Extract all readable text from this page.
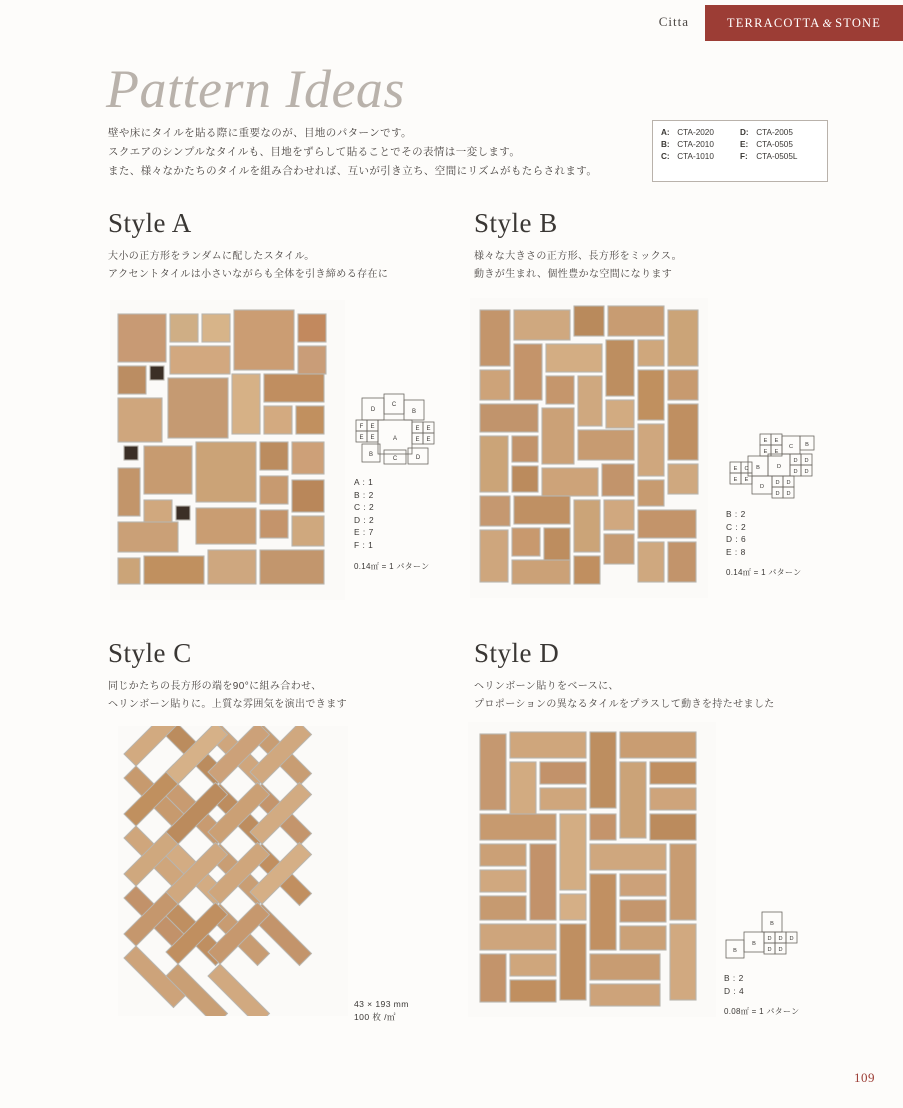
Citta	TERRACOTTA & STONE
Pattern Ideas
壁や床にタイルを貼る際に重要なのが、目地のパターンです。
スクエアのシンプルなタイルも、目地をずらして貼ることでその表情は一変します。
また、様々なかたちのタイルを組み合わせれば、互いが引き立ち、空間にリズムがもたらされます。
A:	CTA-2020	D:	CTA-2005
B:	CTA-2010	E:	CTA-0505
C:	CTA-1010	F:	CTA-0505L
Style A
大小の正方形をランダムに配したスタイル。
アクセントタイルは小さいながらも全体を引き締める存在に
D
C
B
F
E
E
E	A
E E
E E
B
C	D
A : 1
B : 2
C : 2
D : 2
E : 7
F : 1
0.14㎡ = 1 パターン
Style B
様々な大きさの正方形、長方形をミックス。
動きが生まれ、個性豊かな空間になります
E E
E E
C B
B	D
D D
D D
E C
E E
D
D D
D D
B : 2
C : 2
D : 6
E : 8
0.14㎡ = 1 パターン
Style C
同じかたちの長方形の端を90°に組み合わせ、
ヘリンボーン貼りに。上質な雰囲気を演出できます
43 × 193 mm
100 枚 /㎡
Style D
ヘリンボーン貼りをベースに、
プロポーションの異なるタイルをプラスして動きを持たせました
B
B
D D D
D D
B
B : 2
D : 4
0.08㎡ = 1 パターン
109
